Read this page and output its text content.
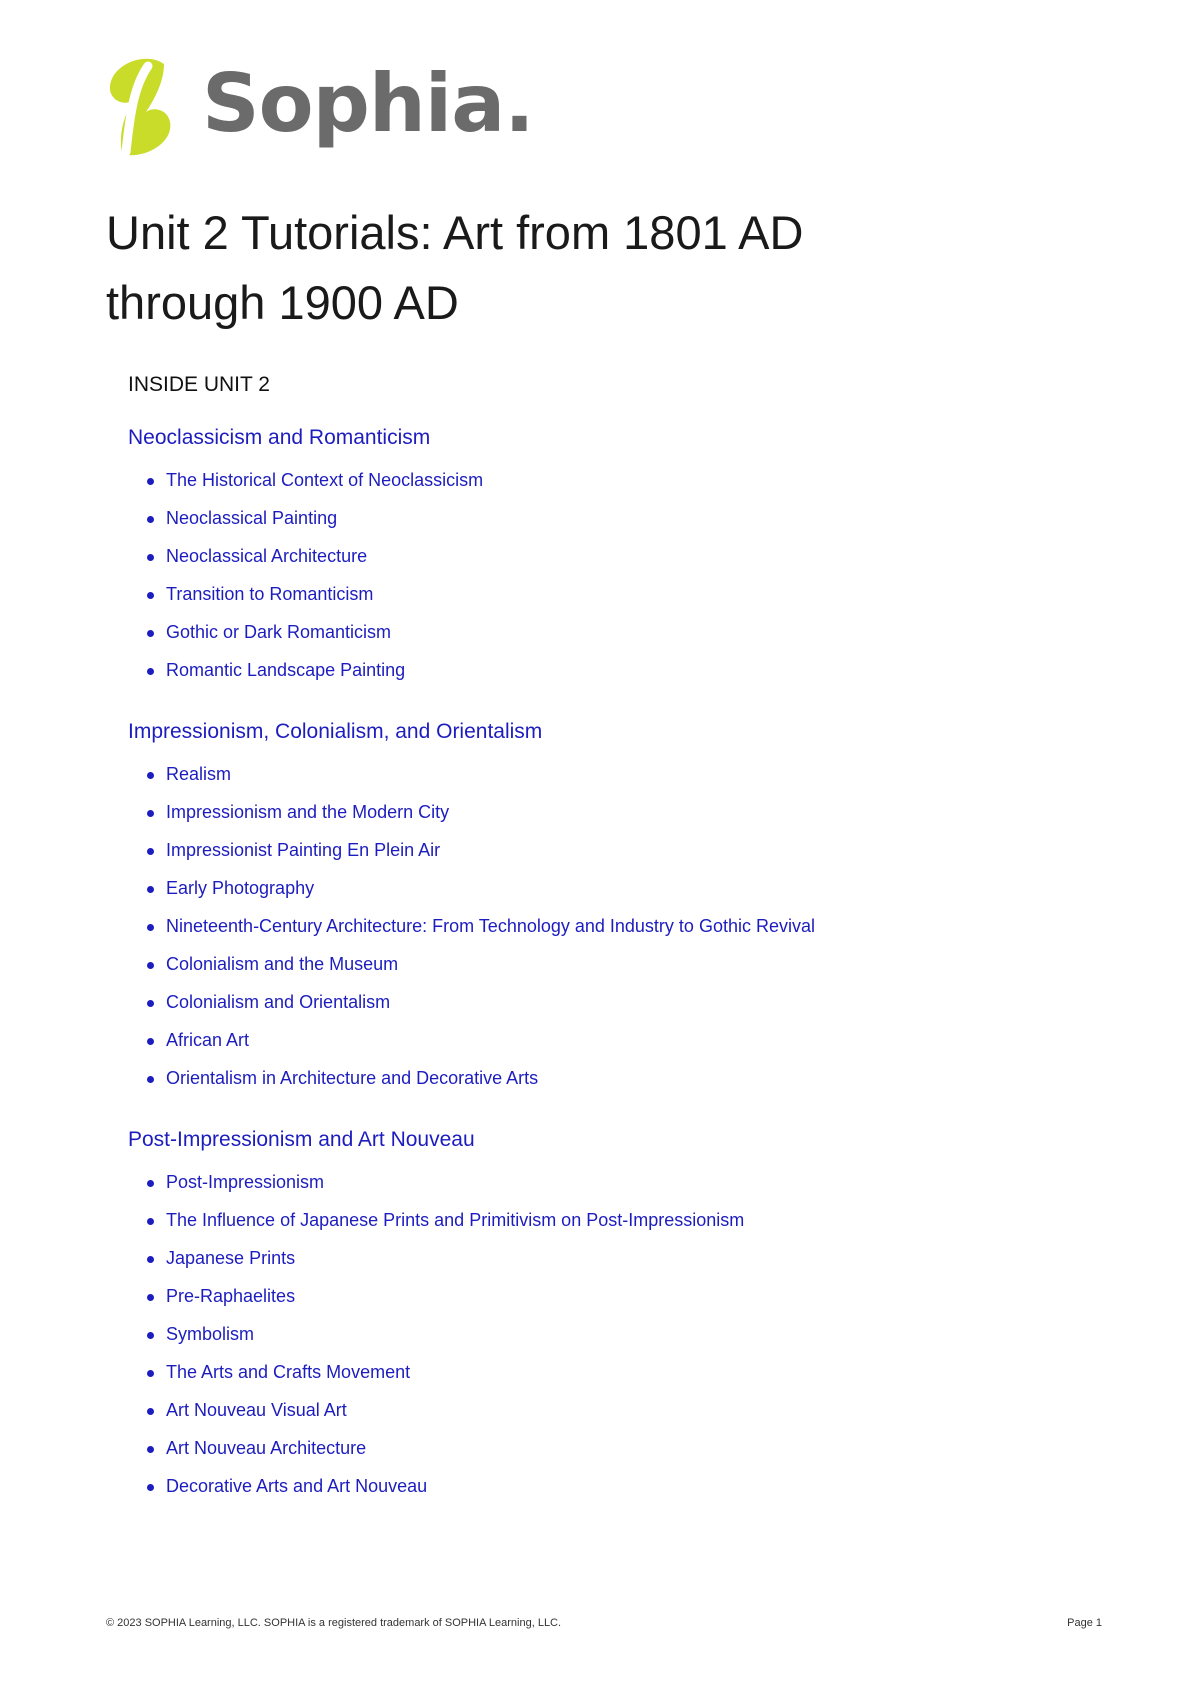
Sophia.
Unit 2 Tutorials: Art from 1801 AD
through 1900 AD
INSIDE UNIT 2
Neoclassicism and Romanticism
The Historical Context of Neoclassicism
Neoclassical Painting
Neoclassical Architecture
Transition to Romanticism
Gothic or Dark Romanticism
Romantic Landscape Painting
Impressionism, Colonialism, and Orientalism
Realism
Impressionism and the Modern City
Impressionist Painting En Plein Air
Early Photography
Nineteenth-Century Architecture: From Technology and Industry to Gothic Revival
Colonialism and the Museum
Colonialism and Orientalism
African Art
Orientalism in Architecture and Decorative Arts
Post-Impressionism and Art Nouveau
Post-Impressionism
The Influence of Japanese Prints and Primitivism on Post-Impressionism
Japanese Prints
Pre-Raphaelites
Symbolism
The Arts and Crafts Movement
Art Nouveau Visual Art
Art Nouveau Architecture
Decorative Arts and Art Nouveau
© 2023 SOPHIA Learning, LLC. SOPHIA is a registered trademark of SOPHIA Learning, LLC.	Page 1
